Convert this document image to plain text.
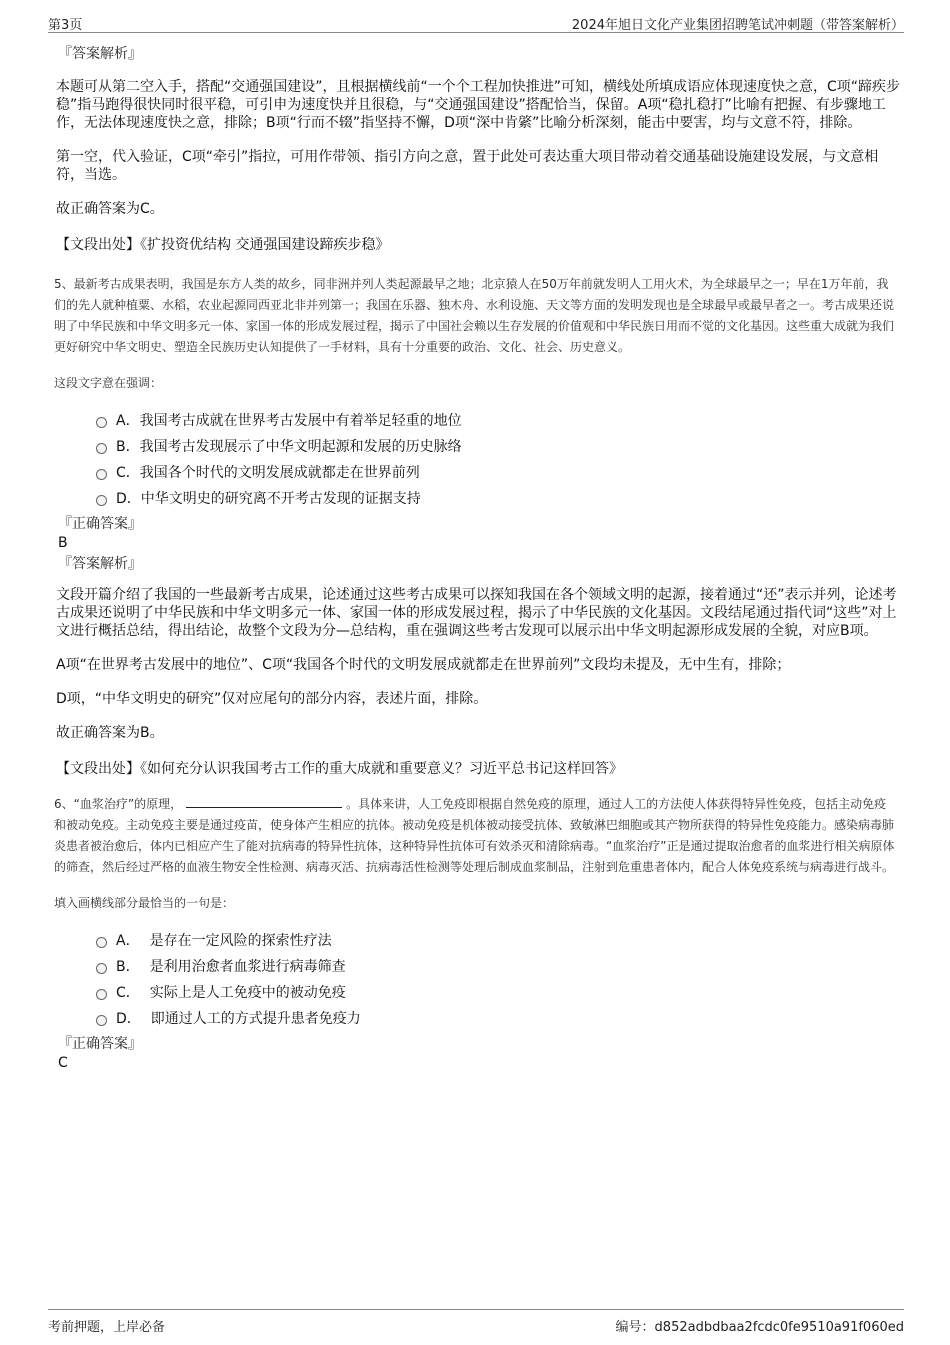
第3页	2024年旭日文化产业集团招聘笔试冲刺题（带答案解析）
『答案解析』

本题可从第二空入手，搭配“交通强国建设”，且根据横线前“一个个工程加快推进”可知，横线处所填成语应体现速度快之意，C项“蹄疾步稳”指马跑得很快同时很平稳，可引申为速度快并且很稳，与“交通强国建设”搭配恰当，保留。A项“稳扎稳打”比喻有把握、有步骤地工作，无法体现速度快之意，排除；B项“行而不辍”指坚持不懈，D项“深中肯綮”比喻分析深刻，能击中要害，均与文意不符，排除。

第一空，代入验证，C项“牵引”指拉，可用作带领、指引方向之意，置于此处可表达重大项目带动着交通基础设施建设发展，与文意相符，当选。

故正确答案为C。

【文段出处】《扩投资优结构 交通强国建设蹄疾步稳》

5、最新考古成果表明，我国是东方人类的故乡，同非洲并列人类起源最早之地；北京猿人在50万年前就发明人工用火术，为全球最早之一；早在1万年前，我们的先人就种植粟、水稻，农业起源同西亚北非并列第一；我国在乐器、独木舟、水利设施、天文等方面的发明发现也是全球最早或最早者之一。考古成果还说明了中华民族和中华文明多元一体、家国一体的形成发展过程，揭示了中国社会赖以生存发展的价值观和中华民族日用而不觉的文化基因。这些重大成就为我们更好研究中华文明史、塑造全民族历史认知提供了一手材料，具有十分重要的政治、文化、社会、历史意义。

这段文字意在强调：

A． 我国考古成就在世界考古发展中有着举足轻重的地位
B． 我国考古发现展示了中华文明起源和发展的历史脉络
C． 我国各个时代的文明发展成就都走在世界前列
D． 中华文明史的研究离不开考古发现的证据支持
『正确答案』

B

『答案解析』

文段开篇介绍了我国的一些最新考古成果，论述通过这些考古成果可以探知我国在各个领域文明的起源，接着通过“还”表示并列，论述考古成果还说明了中华民族和中华文明多元一体、家国一体的形成发展过程，揭示了中华民族的文化基因。文段结尾通过指代词“这些”对上文进行概括总结，得出结论，故整个文段为分—总结构，重在强调这些考古发现可以展示出中华文明起源形成发展的全貌，对应B项。

A项“在世界考古发展中的地位”、C项“我国各个时代的文明发展成就都走在世界前列”文段均未提及，无中生有，排除；

D项，“中华文明史的研究”仅对应尾句的部分内容，表述片面，排除。

故正确答案为B。

【文段出处】《如何充分认识我国考古工作的重大成就和重要意义？习近平总书记这样回答》

6、“血浆治疗”的原理，	。具体来讲，人工免疫即根据自然免疫的原理，通过人工的方法使人体获得特异性免疫，包括主动免疫和被动免疫。主动免疫主要是通过疫苗，使身体产生相应的抗体。被动免疫是机体被动接受抗体、致敏淋巴细胞或其产物所获得的特异性免疫能力。感染病毒肺炎患者被治愈后，体内已相应产生了能对抗病毒的特异性抗体，这种特异性抗体可有效杀灭和清除病毒。“血浆治疗”正是通过提取治愈者的血浆进行相关病原体的筛查，然后经过严格的血液生物安全性检测、病毒灭活、抗病毒活性检测等处理后制成血浆制品，注射到危重患者体内，配合人体免疫系统与病毒进行战斗。

填入画横线部分最恰当的一句是：

A． 是存在一定风险的探索性疗法
B． 是利用治愈者血浆进行病毒筛查
C． 实际上是人工免疫中的被动免疫
D． 即通过人工的方式提升患者免疫力
『正确答案』

C

考前押题，上岸必备	编号：d852adbdbaa2fcdc0fe9510a91f060ed
